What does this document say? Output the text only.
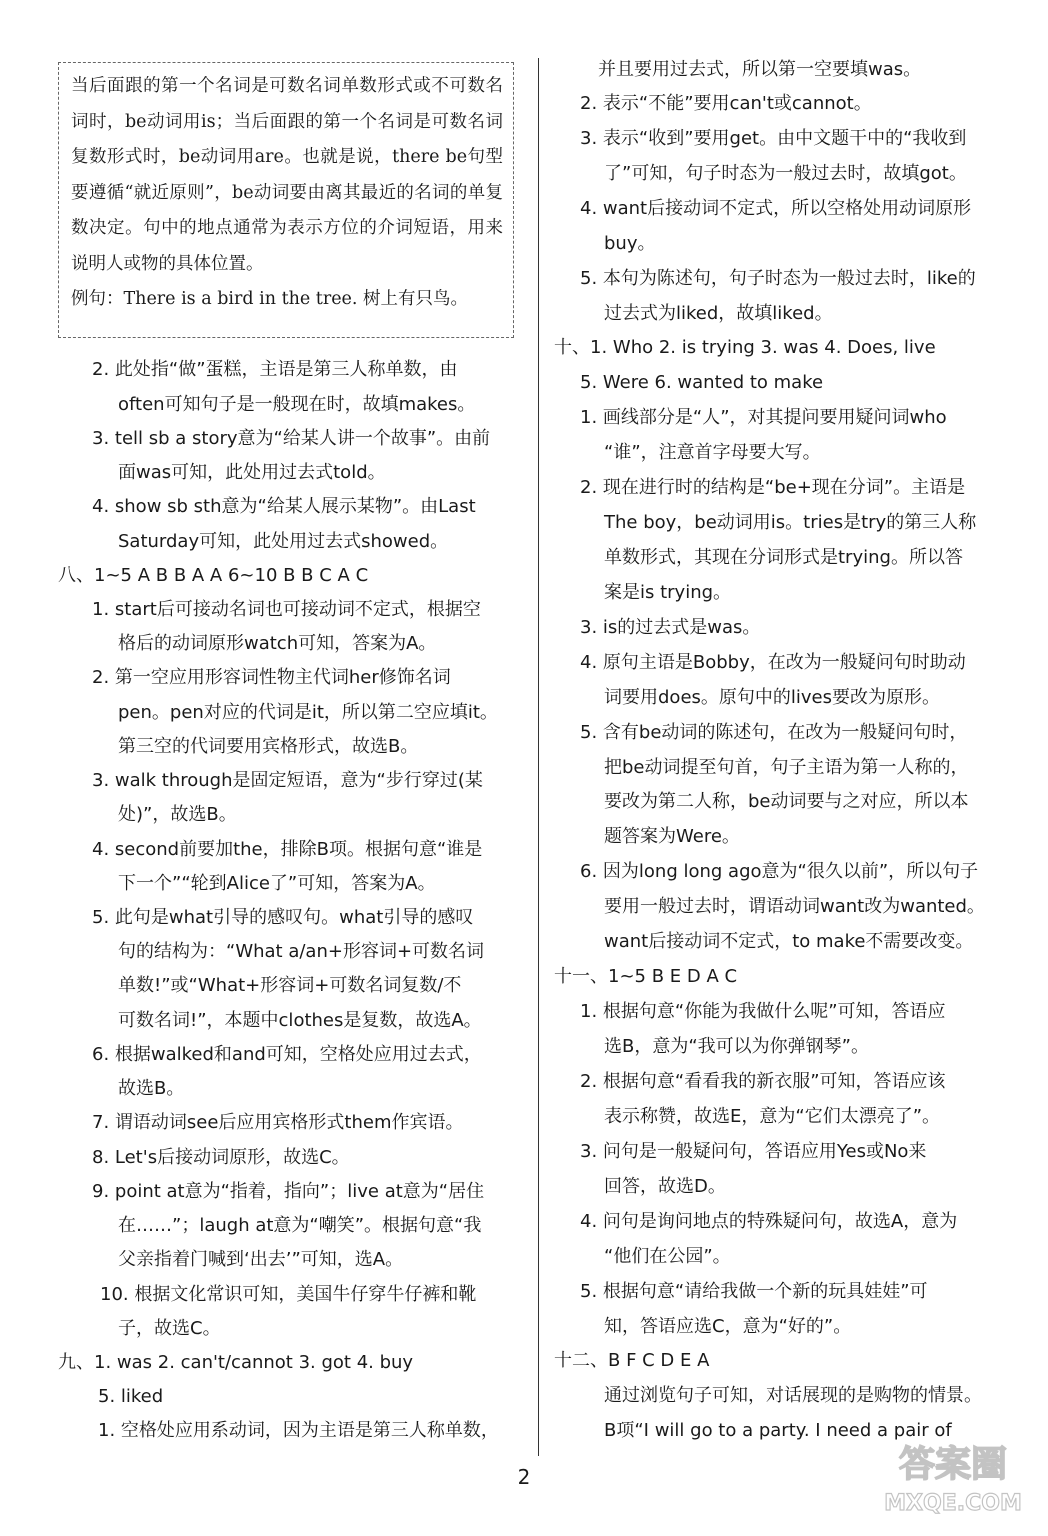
当后面跟的第一个名词是可数名词单数形式或不可数名词时，be动词用is；当后面跟的第一个名词是可数名词复数形式时，be动词用are。也就是说，there be句型要遵循“就近原则”，be动词要由离其最近的名词的单复数决定。句中的地点通常为表示方位的介词短语，用来说明人或物的具体位置。
例句：There is a bird in the tree. 树上有只鸟。
2. 此处指“做”蛋糕，主语是第三人称单数，由
often可知句子是一般现在时，故填makes。
3. tell sb a story意为“给某人讲一个故事”。由前
面was可知，此处用过去式told。
4. show sb sth意为“给某人展示某物”。由Last
Saturday可知，此处用过去式showed。
八、1~5 A B B A A 6~10 B B C A C
1. start后可接动名词也可接动词不定式，根据空
格后的动词原形watch可知，答案为A。
2. 第一空应用形容词性物主代词her修饰名词
pen。pen对应的代词是it，所以第二空应填it。
第三空的代词要用宾格形式，故选B。
3. walk through是固定短语，意为“步行穿过(某
处)”，故选B。
4. second前要加the，排除B项。根据句意“谁是
下一个”“轮到Alice了”可知，答案为A。
5. 此句是what引导的感叹句。what引导的感叹
句的结构为：“What a/an+形容词+可数名词
单数!”或“What+形容词+可数名词复数/不
可数名词!”，本题中clothes是复数，故选A。
6. 根据walked和and可知，空格处应用过去式，
故选B。
7. 谓语动词see后应用宾格形式them作宾语。
8. Let's后接动词原形，故选C。
9. point at意为“指着，指向”；live at意为“居住
在……”；laugh at意为“嘲笑”。根据句意“我
父亲指着门喊到‘出去’”可知，选A。
10. 根据文化常识可知，美国牛仔穿牛仔裤和靴
子，故选C。
九、1. was 2. can't/cannot 3. got 4. buy
5. liked
1. 空格处应用系动词，因为主语是第三人称单数，
并且要用过去式，所以第一空要填was。
2. 表示“不能”要用can't或cannot。
3. 表示“收到”要用get。由中文题干中的“我收到
了”可知，句子时态为一般过去时，故填got。
4. want后接动词不定式，所以空格处用动词原形
buy。
5. 本句为陈述句，句子时态为一般过去时，like的
过去式为liked，故填liked。
十、1. Who 2. is trying 3. was 4. Does, live
5. Were 6. wanted to make
1. 画线部分是“人”，对其提问要用疑问词who
“谁”，注意首字母要大写。
2. 现在进行时的结构是“be+现在分词”。主语是
The boy，be动词用is。tries是try的第三人称
单数形式，其现在分词形式是trying。所以答
案是is trying。
3. is的过去式是was。
4. 原句主语是Bobby，在改为一般疑问句时助动
词要用does。原句中的lives要改为原形。
5. 含有be动词的陈述句，在改为一般疑问句时，
把be动词提至句首，句子主语为第一人称的，
要改为第二人称，be动词要与之对应，所以本
题答案为Were。
6. 因为long long ago意为“很久以前”，所以句子
要用一般过去时，谓语动词want改为wanted。
want后接动词不定式，to make不需要改变。
十一、1~5 B E D A C
1. 根据句意“你能为我做什么呢”可知，答语应
选B，意为“我可以为你弹钢琴”。
2. 根据句意“看看我的新衣服”可知，答语应该
表示称赞，故选E，意为“它们太漂亮了”。
3. 问句是一般疑问句，答语应用Yes或No来
回答，故选D。
4. 问句是询问地点的特殊疑问句，故选A，意为
“他们在公园”。
5. 根据句意“请给我做一个新的玩具娃娃”可
知，答语应选C，意为“好的”。
十二、B F C D E A
通过浏览句子可知，对话展现的是购物的情景。
B项“I will go to a party. I need a pair of
2	答案圈
MXQE.COM
